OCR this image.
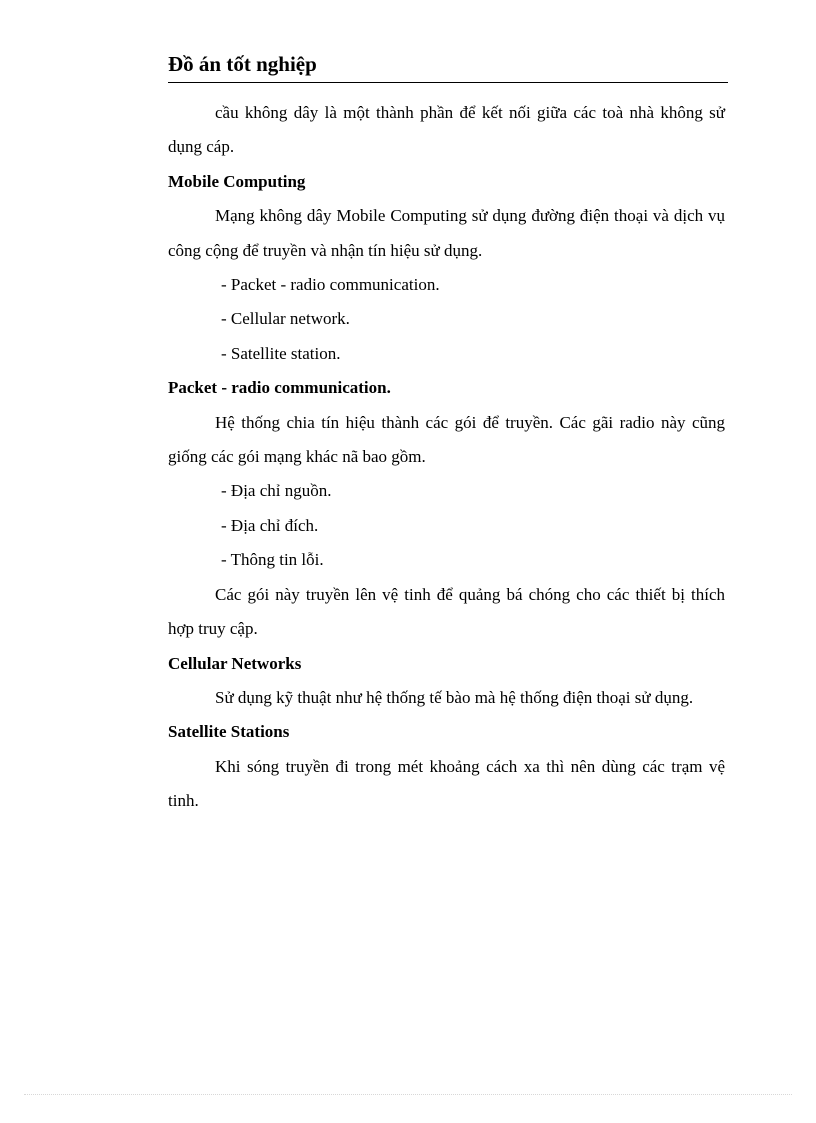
Đồ án tốt nghiệp

cầu không dây là một thành phần để kết nối giữa các toà nhà không sử dụng cáp.

Mobile Computing

Mạng không dây Mobile Computing sử dụng đường điện thoại và dịch vụ công cộng để truyền và nhận tín hiệu sử dụng.

- Packet - radio communication.

- Cellular network.

- Satellite station.

Packet - radio communication.

Hệ thống chia tín hiệu thành các gói để truyền. Các gãi radio này cũng giống các gói mạng khác nã bao gồm.

- Địa chỉ nguồn.

- Địa chỉ đích.

- Thông tin lỗi.

Các gói này truyền lên vệ tinh để quảng bá chóng cho các thiết bị thích hợp truy cập.

Cellular Networks

Sử dụng kỹ thuật như hệ thống tế bào mà hệ thống điện thoại sử dụng.

Satellite Stations

Khi sóng truyền đi trong mét khoảng cách xa thì nên dùng các trạm vệ tinh.
